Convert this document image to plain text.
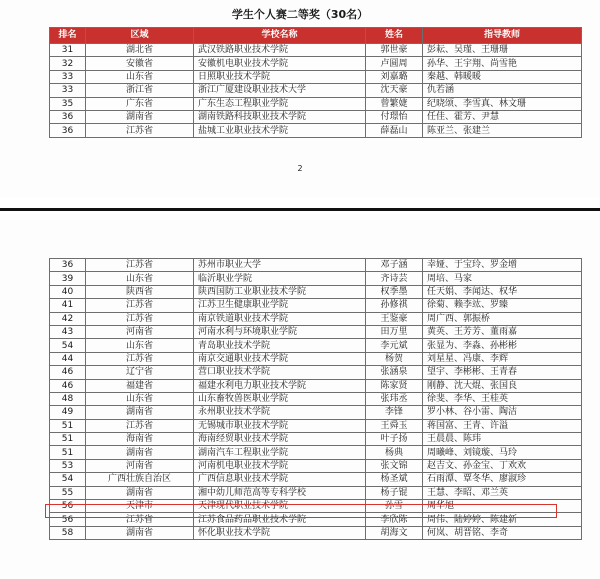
学生个人赛二等奖（30名）
排名	区域	学校名称	姓名	指导教师
31	湖北省	武汉铁路职业技术学院	郭世豪	彭耘、吴瑾、王珊珊
32	安徽省	安徽机电职业技术学院	卢圆周	孙华、王宇翔、尚雪艳
33	山东省	日照职业技术学院	刘嘉璐	秦越、韩暖暖
33	浙江省	浙江广厦建设职业技术大学	沈天豪	仇若涵
35	广东省	广东生态工程职业学院	曾繁婕	纪晓颂、李雪真、林文珊
36	湖南省	湖南铁路科技职业技术学院	付璟怡	任佳、霍芳、尹慧
36	江苏省	盐城工业职业技术学院	薛磊山	陈亚兰、张建兰
2
36	江苏省	苏州市职业大学	邓子涵	幸娅、于宝玲、罗金增
39	山东省	临沂职业学院	齐诗芸	周培、马家
40	陕西省	陕西国防工业职业技术学院	权季墨	任天娟、李闻达、权华
41	江苏省	江苏卫生健康职业学院	孙修祺	徐菊、赖李竑、罗臻
42	江苏省	南京铁道职业技术学院	王鉴豪	周广西、郭振桥
43	河南省	河南水利与环境职业学院	田万里	黄英、王芳芳、董雨嘉
54	山东省	青岛职业技术学院	李元斌	张显为、李淼、孙彬彬
44	江苏省	南京交通职业技术学院	杨贺	刘星星、冯康、李辉
46	辽宁省	营口职业技术学院	张涵泉	望宇、李彬彬、王青春
46	福建省	福建水利电力职业技术学院	陈家贤	刚静、沈大焜、张国良
48	山东省	山东畜牧兽医职业学院	张玮丞	徐斐、李华、王桂英
49	湖南省	永州职业技术学院	李锋	罗小林、谷小雷、陶洁
51	江苏省	无锡城市职业技术学院	王舜玉	蒋国富、王青、许溢
51	海南省	海南经贸职业技术学院	叶子扬	王晨晨、陈玮
51	湖南省	湖南汽车工程职业学院	杨典	周曦峰、刘镜璇、马玲
53	河南省	河南机电职业技术学院	张文锦	赵吉文、孙金宝、丁欢欢
54	广西壮族自治区	广西信息职业技术学院	杨圣斌	石雨潭、覃冬华、廖淑珍
55	湖南省	湘中幼儿师范高等专科学校	杨子锟	王慧、李昭、邓兰英
56	天津市	天津现代职业技术学院	孙雪	周华旭
56	江苏省	江苏食品药品职业技术学院	李欣陈	周伟、陆婷婷、陈建新
58	湖南省	怀化职业技术学院	胡海文	何岚、胡晋铭、李奇
